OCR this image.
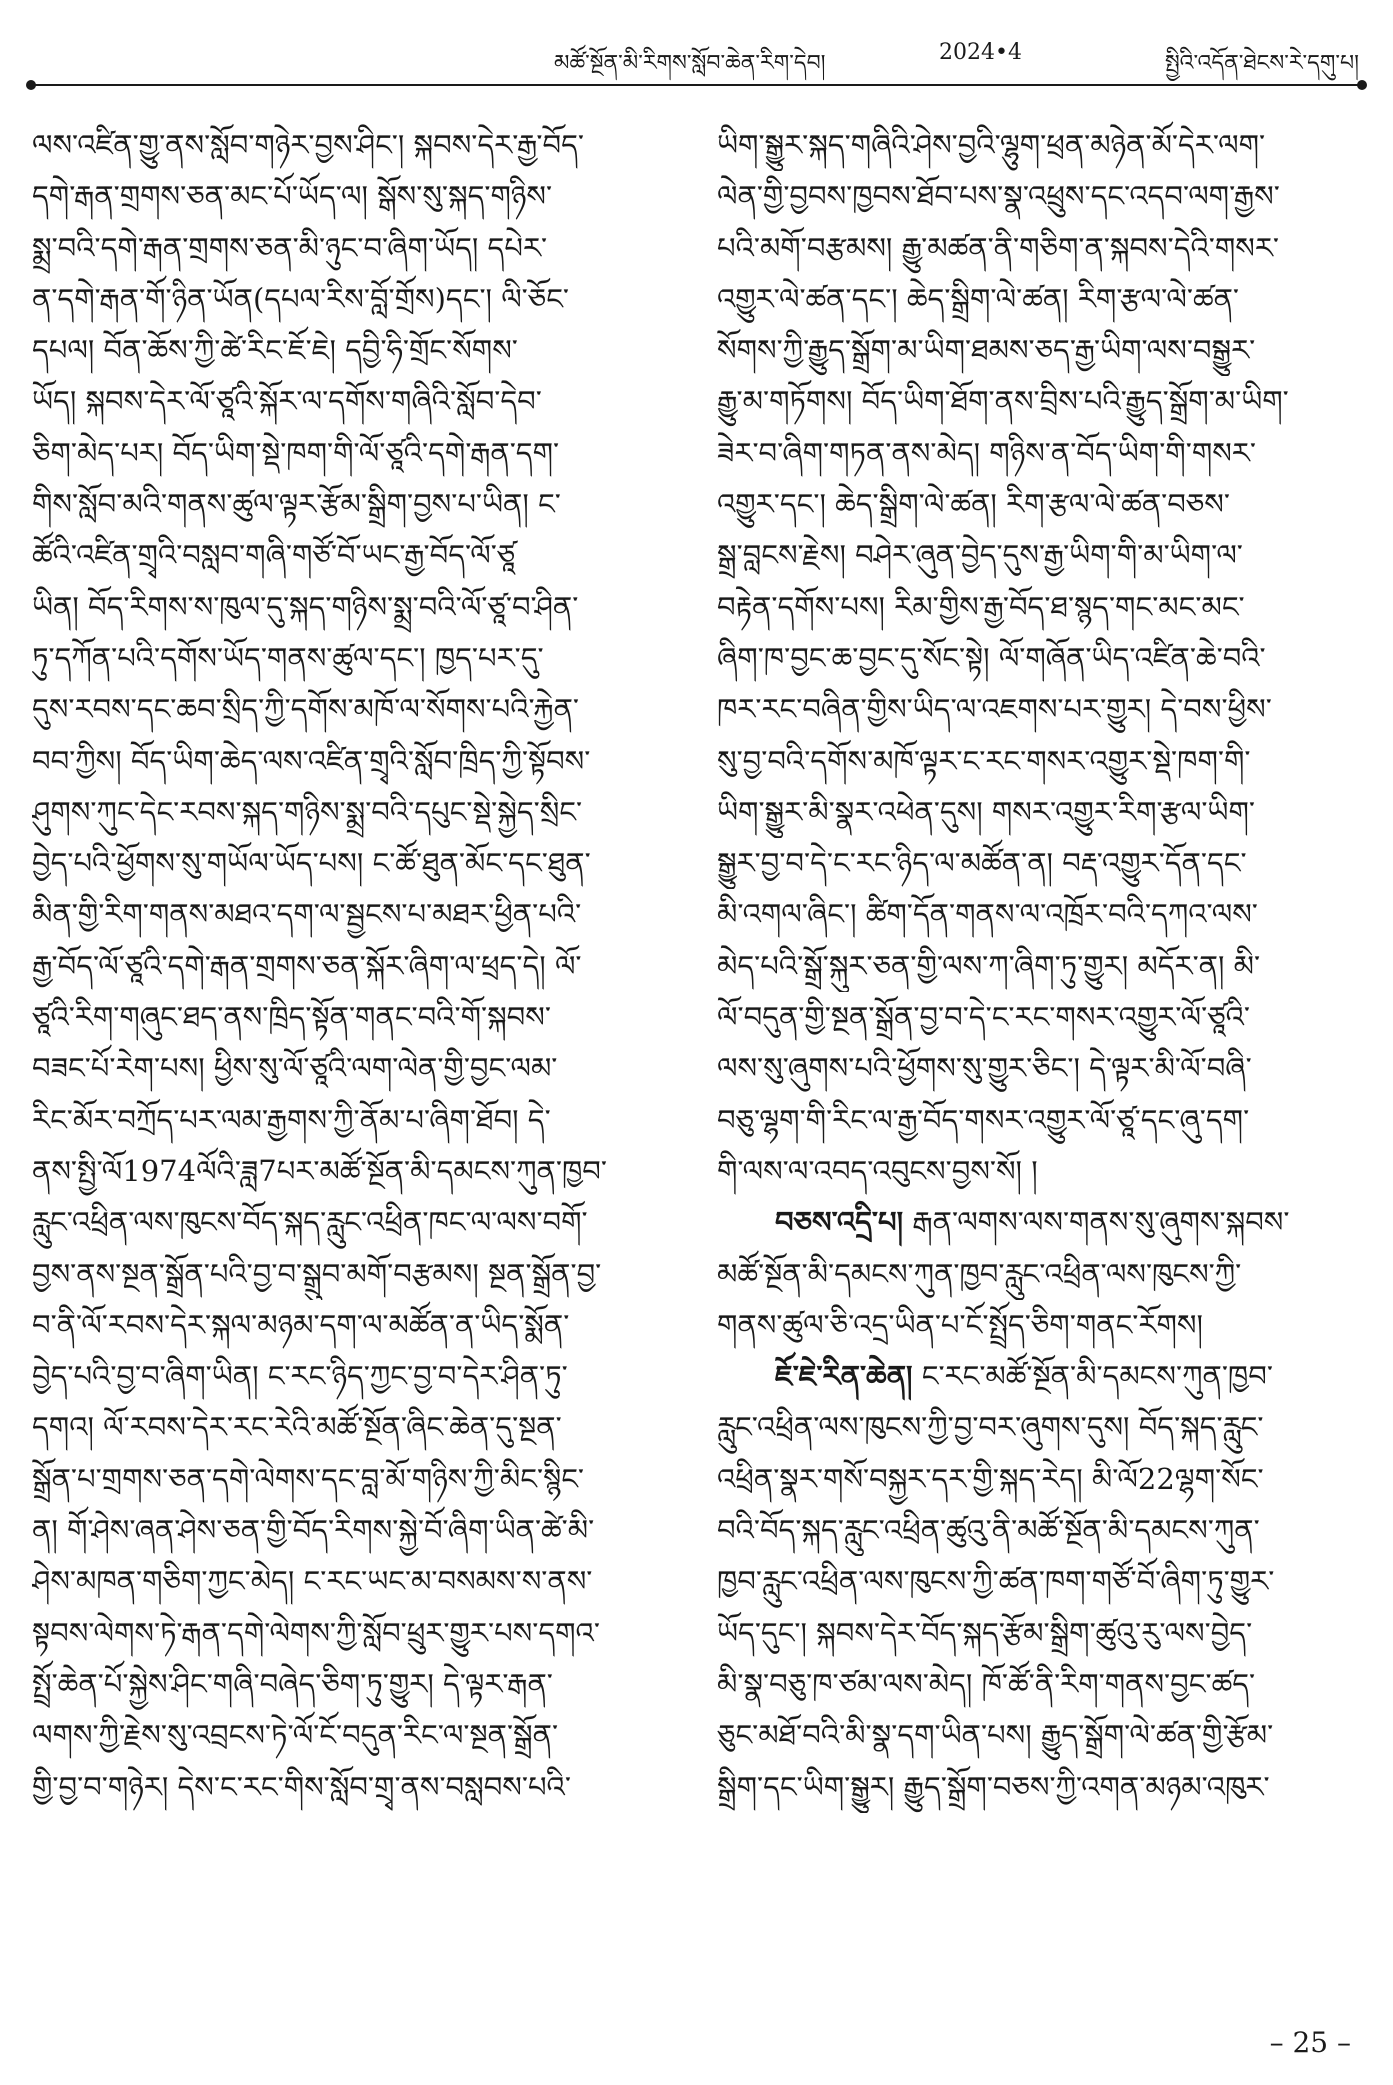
མཚོ་སྔོན་མི་རིགས་སློབ་ཆེན་རིག་དེབ།	2024•4	སྤྱིའི་འདོན་ཐེངས་རེ་དགུ་པ།

ལས་འཛིན་གྱུ་ནས་སློབ་གཉེར་བྱས་ཤིང་། སྐབས་དེར་རྒྱ་བོད་

དགེ་རྒན་གྲགས་ཅན་མང་པོ་ཡོད་ལ། སྒོས་སུ་སྐད་གཉིས་

སྨྲ་བའི་དགེ་རྒན་གྲགས་ཅན་མི་ཉུང་བ་ཞིག་ཡོད། དཔེར་

ན་དགེ་རྒན་གོ་ཉིན་ཡོན(དཔལ་རིས་བློ་གྲོས)དང་། ལི་ཅོང་

དཔལ། བོན་ཆོས་ཀྱི་ཚེ་རིང་ཇོ་ཇེ། དབྱི་ཧི་གྲོང་སོགས་

ཡོད། སྐབས་དེར་ལོ་ཙཱའི་སྐོར་ལ་དགོས་གཞིའི་སློབ་དེབ་

ཅིག་མེད་པར། བོད་ཡིག་སྡེ་ཁག་གི་ལོ་ཙཱའི་དགེ་རྒན་དག་

གིས་སློབ་མའི་གནས་ཚུལ་ལྟར་རྩོམ་སྒྲིག་བྱས་པ་ཡིན། ང་

ཚོའི་འཛིན་གྲྭའི་བསླབ་གཞི་གཙོ་བོ་ཡང་རྒྱ་བོད་ལོ་ཙཱ

ཡིན། བོད་རིགས་ས་ཁུལ་དུ་སྐད་གཉིས་སྨྲ་བའི་ལོ་ཙཱ་བ་ཤིན་

ཏུ་དཀོན་པའི་དགོས་ཡོད་གནས་ཚུལ་དང་། ཁྱད་པར་དུ་

དུས་རབས་དང་ཆབ་སྲིད་ཀྱི་དགོས་མཁོ་ལ་སོགས་པའི་རྐྱེན་

བབ་ཀྱིས། བོད་ཡིག་ཆེད་ལས་འཛིན་གྲྭའི་སློབ་ཁྲིད་ཀྱི་སྟོབས་

ཤུགས་ཀུང་དེང་རབས་སྐད་གཉིས་སྨྲ་བའི་དཔུང་སྡེ་སྐྱེད་སྲིང་

བྱེད་པའི་ཕྱོགས་སུ་གཡོལ་ཡོད་པས། ང་ཚོ་ཐུན་མོང་དང་ཐུན་

མིན་གྱི་རིག་གནས་མཐའ་དག་ལ་སྦྱངས་པ་མཐར་ཕྱིན་པའི་

རྒྱ་བོད་ལོ་ཙཱའི་དགེ་རྒན་གྲགས་ཅན་སྐོར་ཞིག་ལ་ཕྲད་དེ། ལོ་

ཙཱའི་རིག་གཞུང་ཐད་ནས་ཁྲིད་སྟོན་གནང་བའི་གོ་སྐབས་

བཟང་པོ་རེག་པས། ཕྱིས་སུ་ལོ་ཙཱའི་ལག་ལེན་གྱི་བྱང་ལམ་

རིང་མོར་བཀྲོད་པར་ལམ་རྒྱགས་ཀྱི་ནོམ་པ་ཞིག་ཐོབ། དེ་

ནས་སྤྱི་ལོ1974ལོའི་ཟླ7པར་མཚོ་སྔོན་མི་དམངས་ཀུན་ཁྱབ་

རླུང་འཕྲིན་ལས་ཁུངས་བོད་སྐད་རླུང་འཕྲིན་ཁང་ལ་ལས་བགོ་

བྱས་ནས་སྔན་སྒྲོན་པའི་བྱ་བ་སྒྲུབ་མགོ་བརྩམས། སྔན་སྒྲོན་བྱ་

བ་ནི་ལོ་རབས་དེར་སྐལ་མཉམ་དག་ལ་མཚོན་ན་ཡིད་སྨོན་

བྱེད་པའི་བྱ་བ་ཞིག་ཡིན། ང་རང་ཉིད་ཀྱང་བྱ་བ་དེར་ཤིན་ཏུ་

དགའ། ལོ་རབས་དེར་རང་རེའི་མཚོ་སྔོན་ཞིང་ཆེན་དུ་སྔན་

སྒྲོན་པ་གྲགས་ཅན་དགེ་ལེགས་དང་བླ་མོ་གཉིས་ཀྱི་མིང་སྙིང་

ན། གོ་ཤེས་ཞན་ཤེས་ཅན་གྱི་བོད་རིགས་སྐྱེ་བོ་ཞིག་ཡིན་ཚེ་མི་

ཤེས་མཁན་གཅིག་ཀྱང་མེད། ང་རང་ཡང་མ་བསམས་ས་ནས་

སྟབས་ལེགས་ཏེ་རྒན་དགེ་ལེགས་ཀྱི་སློབ་ཕྲུར་གྱུར་པས་དགའ་

སྤྲོ་ཆེན་པོ་སྐྱེས་ཤིང་གཞི་བཞེད་ཅིག་ཏུ་གྱུར། དེ་ལྟར་རྒན་

ལགས་ཀྱི་རྗེས་སུ་འབྲངས་ཏེ་ལོ་ངོ་བདུན་རིང་ལ་སྔན་སྒྲོན་

གྱི་བྱ་བ་གཉེར། དེས་ང་རང་གིས་སློབ་གྲྭ་ནས་བསླབས་པའི་

ཡིག་སྒྱུར་སྐད་གཞིའི་ཤེས་བྱའི་ལྷུག་ཕྲན་མཉེན་མོ་དེར་ལག་

ལེན་གྱི་བྱབས་ཁྱབས་ཐོབ་པས་སྣ་འཕྲུས་དང་འདབ་ལག་རྒྱས་

པའི་མགོ་བརྩམས། རྒྱུ་མཚན་ནི་གཅིག་ན་སྐབས་དེའི་གསར་

འགྱུར་ལེ་ཚན་དང་། ཆེད་སྒྲིག་ལེ་ཚན། རིག་རྩལ་ལེ་ཚན་

སོགས་ཀྱི་རྒྱུད་སྒྲོག་མ་ཡིག་ཐམས་ཅད་རྒྱ་ཡིག་ལས་བསྒྱུར་

རྒྱུ་མ་གཏོགས། བོད་ཡིག་ཐོག་ནས་བྲིས་པའི་རྒྱུད་སྒྲོག་མ་ཡིག་

ཟེར་བ་ཞིག་གཏན་ནས་མེད། གཉིས་ན་བོད་ཡིག་གི་གསར་

འགྱུར་དང་། ཆེད་སྒྲིག་ལེ་ཚན། རིག་རྩལ་ལེ་ཚན་བཅས་

སྒྲ་བླངས་རྗེས། བཤེར་ཞུན་བྱེད་དུས་རྒྱ་ཡིག་གི་མ་ཡིག་ལ་

བརྟེན་དགོས་པས། རིམ་གྱིས་རྒྱ་བོད་ཐ་སྙད་གང་མང་མང་

ཞིག་ཁ་བྱང་ཆ་བྱང་དུ་སོང་སྟེ། ལོ་གཞོན་ཡིད་འཛིན་ཆེ་བའི་

ཁར་རང་བཞིན་གྱིས་ཡིད་ལ་འཇགས་པར་གྱུར། དེ་བས་ཕྱིས་

སུ་བྱ་བའི་དགོས་མཁོ་ལྟར་ང་རང་གསར་འགྱུར་སྡེ་ཁག་གི་

ཡིག་སྒྱུར་མི་སྣར་འཕེན་དུས། གསར་འགྱུར་རིག་རྩལ་ཡིག་

སྒྱུར་བྱ་བ་དེ་ང་རང་ཉིད་ལ་མཚོན་ན། བརྡ་འགྱུར་དོན་དང་

མི་འགལ་ཞིང་། ཚིག་དོན་གནས་ལ་འཁྲོར་བའི་དཀའ་ལས་

མེད་པའི་སྒྲོ་སྐུར་ཅན་གྱི་ལས་ཀ་ཞིག་ཏུ་གྱུར། མདོར་ན། མི་

ལོ་བདུན་གྱི་སྔན་སྒྲོན་བྱ་བ་དེ་ང་རང་གསར་འགྱུར་ལོ་ཙཱའི་

ལས་སུ་ཞུགས་པའི་ཕྱོགས་སུ་གྱུར་ཅིང་། དེ་ལྟར་མི་ལོ་བཞི་

བཅུ་ལྷག་གི་རིང་ལ་རྒྱ་བོད་གསར་འགྱུར་ལོ་ཙཱ་དང་ཞུ་དག་

གི་ལས་ལ་འབད་འབུངས་བྱས་སོ། །

བཅས་འདྲི་པ། རྒན་ལགས་ལས་གནས་སུ་ཞུགས་སྐབས་

མཚོ་སྔོན་མི་དམངས་ཀུན་ཁྱབ་རླུང་འཕྲིན་ལས་ཁུངས་ཀྱི་

གནས་ཚུལ་ཅི་འདྲ་ཡིན་པ་ངོ་སྤྲོད་ཅིག་གནང་རོགས།

ཇོ་ཇེ་རིན་ཆེན། ང་རང་མཚོ་སྔོན་མི་དམངས་ཀུན་ཁྱབ་

རླུང་འཕྲིན་ལས་ཁུངས་ཀྱི་བྱ་བར་ཞུགས་དུས། བོད་སྐད་རླུང་

འཕྲིན་སྣར་གསོ་བསྐྱར་དར་གྱི་སྐད་རེད། མི་ལོ22ལྷག་སོང་

བའི་བོད་སྐད་རླུང་འཕྲིན་ཚུའུ་ནི་མཚོ་སྔོན་མི་དམངས་ཀུན་

ཁྱབ་རླུང་འཕྲིན་ལས་ཁུངས་ཀྱི་ཚན་ཁག་གཙོ་བོ་ཞིག་ཏུ་གྱུར་

ཡོད་དུང་། སྐབས་དེར་བོད་སྐད་རྩོམ་སྒྲིག་ཚུའུ་རུ་ལས་བྱེད་

མི་སྣ་བཅུ་ཁ་ཙམ་ལས་མེད། ཁོ་ཚོ་ནི་རིག་གནས་བྱང་ཚད་

ཅུང་མཐོ་བའི་མི་སྣ་དག་ཡིན་པས། རྒྱུད་སྒྲོག་ལེ་ཚན་གྱི་རྩོམ་

སྒྲིག་དང་ཡིག་སྒྱུར། རྒྱུད་སྒྲོག་བཅས་ཀྱི་འགན་མཉམ་འཁུར་

– 25 –
